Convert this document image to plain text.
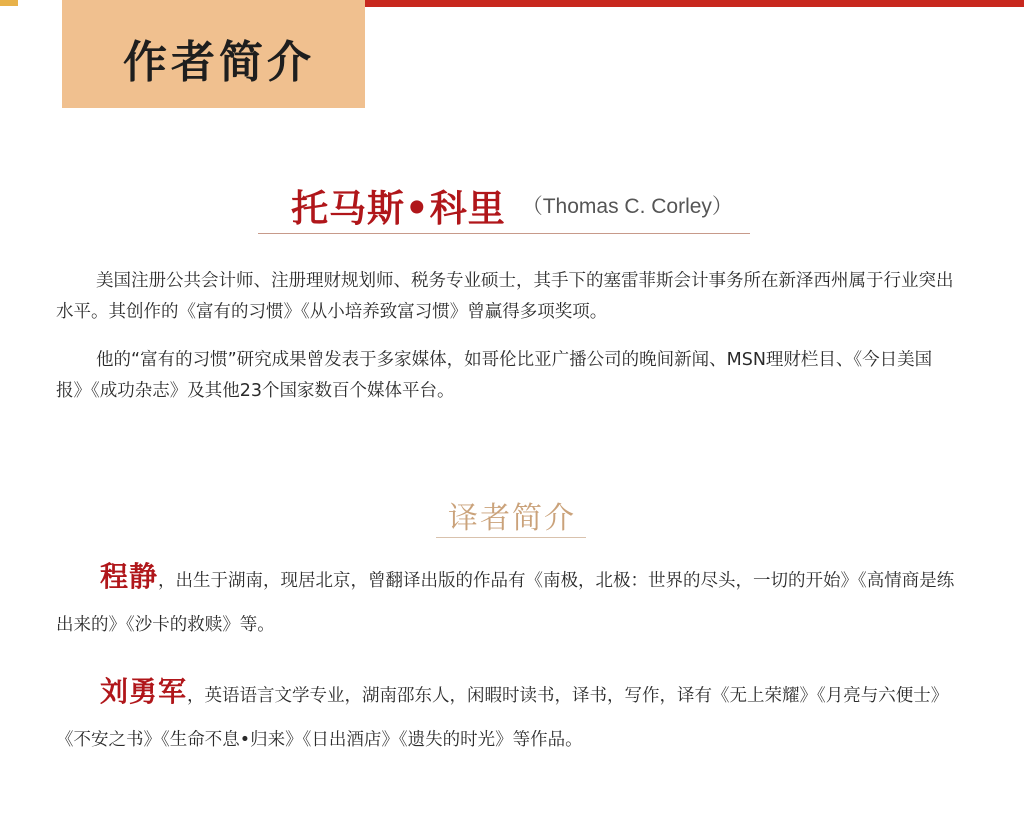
作者简介
托马斯•科里 （Thomas C. Corley）
美国注册公共会计师、注册理财规划师、税务专业硕士，其手下的塞雷菲斯会计事务所在新泽西州属于行业突出水平。其创作的《富有的习惯》《从小培养致富习惯》曾赢得多项奖项。
他的“富有的习惯”研究成果曾发表于多家媒体，如哥伦比亚广播公司的晚间新闻、MSN理财栏目、《今日美国报》《成功杂志》及其他23个国家数百个媒体平台。
译者简介
程静，出生于湖南，现居北京，曾翻译出版的作品有《南极，北极：世界的尽头，一切的开始》《高情商是练出来的》《沙卡的救赎》等。
刘勇军，英语语言文学专业，湖南邵东人，闲暇时读书，译书，写作，译有《无上荣耀》《月亮与六便士》《不安之书》《生命不息•归来》《日出酒店》《遗失的时光》等作品。
